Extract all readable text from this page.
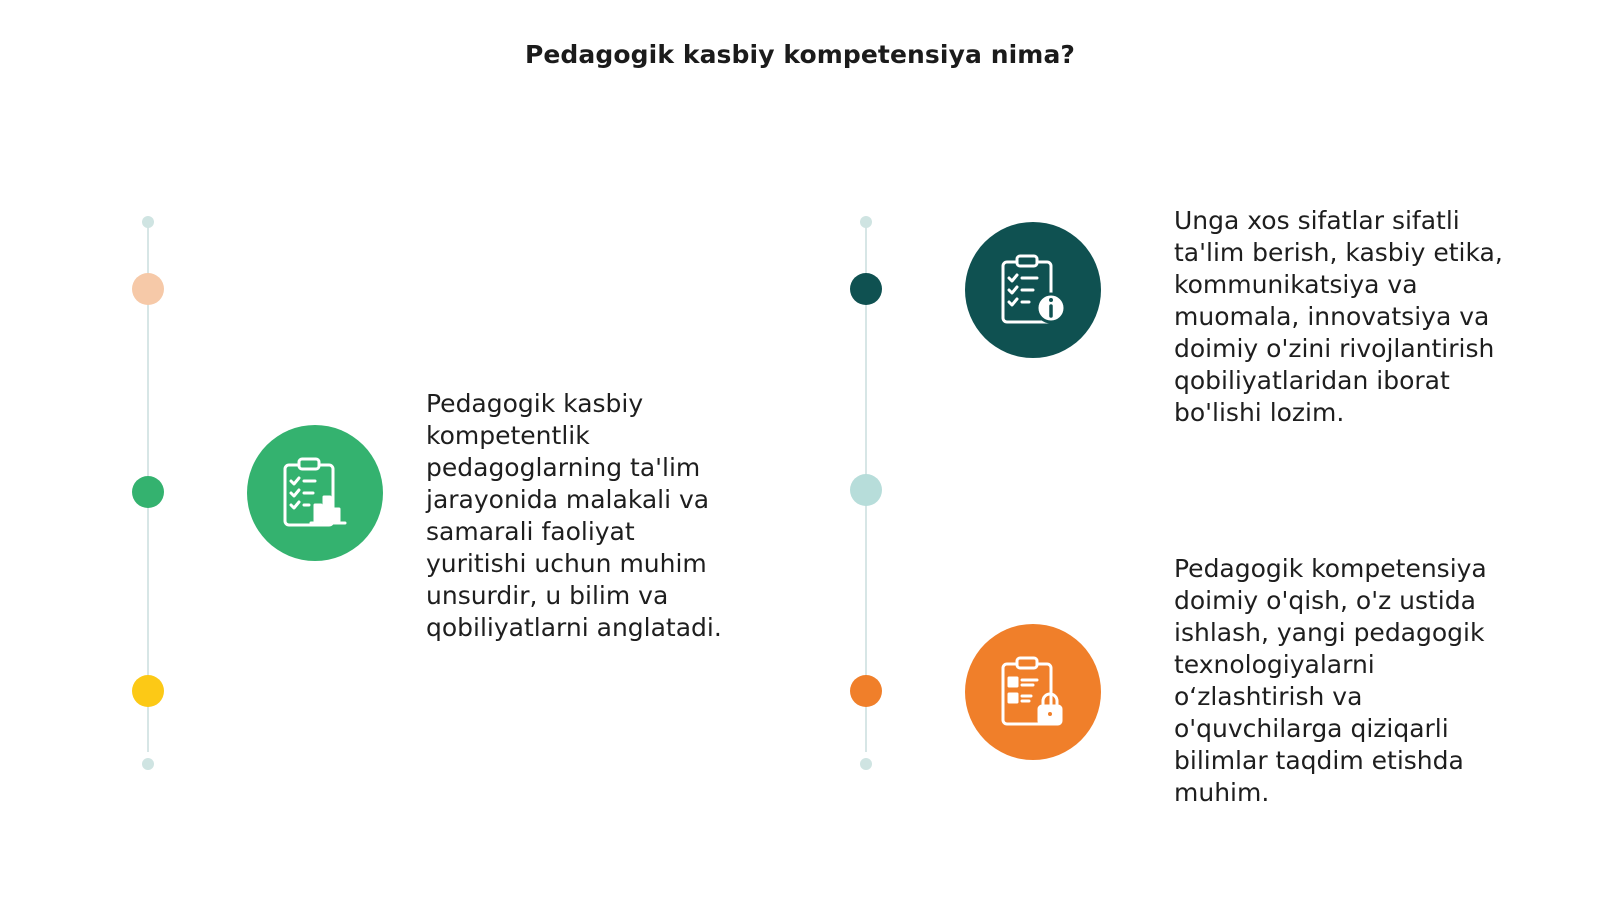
Pedagogik kasbiy kompetensiya nima?
Pedagogik kasbiy
kompetentlik
pedagoglarning ta'lim
jarayonida malakali va
samarali faoliyat
yuritishi uchun muhim
unsurdir, u bilim va
qobiliyatlarni anglatadi.
Unga xos sifatlar sifatli
ta'lim berish, kasbiy etika,
kommunikatsiya va
muomala, innovatsiya va
doimiy o'zini rivojlantirish
qobiliyatlaridan iborat
bo'lishi lozim.
Pedagogik kompetensiya
doimiy o'qish, o'z ustida
ishlash, yangi pedagogik
texnologiyalarni
o‘zlashtirish va
o'quvchilarga qiziqarli
bilimlar taqdim etishda
muhim.
